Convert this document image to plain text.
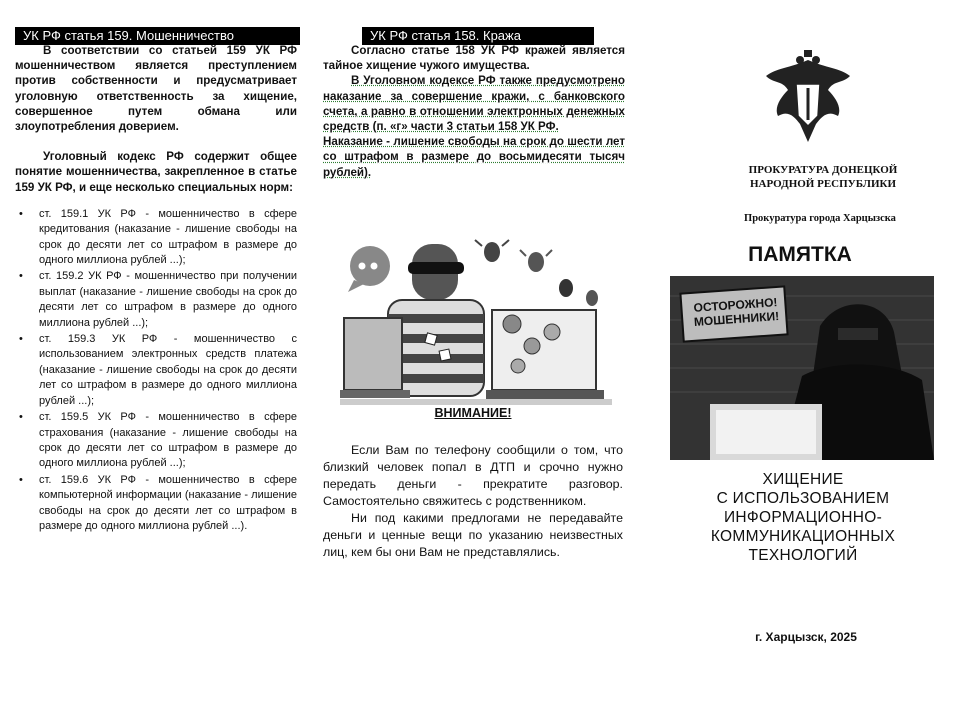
УК РФ статья 159. Мошенничество	УК РФ статья 158. Кража

В соответствии со статьей 159 УК РФ мошенничеством является преступлением против собственности и предусматривает уголовную ответственность за хищение, совершенное путем обмана или злоупотребления доверием.

Уголовный кодекс РФ содержит общее понятие мошенничества, закрепленное в статье 159 УК РФ, и еще несколько специальных норм:

• ст. 159.1 УК РФ - мошенничество в сфере кредитования (наказание - лишение свободы на срок до десяти лет со штрафом в размере до одного миллиона рублей ...);
• ст. 159.2 УК РФ - мошенничество при получении выплат (наказание - лишение свободы на срок до десяти лет со штрафом в размере до одного миллиона рублей ...);
• ст. 159.3 УК РФ - мошенничество с использованием электронных средств платежа (наказание - лишение свободы на срок до десяти лет со штрафом в размере до одного миллиона рублей ...);
• ст. 159.5 УК РФ - мошенничество в сфере страхования (наказание - лишение свободы на срок до десяти лет со штрафом в размере до одного миллиона рублей ...);
• ст. 159.6 УК РФ - мошенничество в сфере компьютерной информации (наказание - лишение свободы на срок до десяти лет со штрафом в размере до одного миллиона рублей ...).

Согласно статье 158 УК РФ кражей является тайное хищение чужого имущества.

В Уголовном кодексе РФ также предусмотрено наказание за совершение кражи, с банковского счета, а равно в отношении электронных денежных средств (п. «г» части 3 статьи 158 УК РФ.

Наказание - лишение свободы на срок до шести лет со штрафом в размере до восьмидесяти тысяч рублей).

ВНИМАНИЕ!

Если Вам по телефону сообщили о том, что близкий человек попал в ДТП и срочно нужно передать деньги - прекратите разговор. Самостоятельно свяжитесь с родственником.

Ни под какими предлогами не передавайте деньги и ценные вещи по указанию неизвестных лиц, кем бы они Вам не представлялись.

ПРОКУРАТУРА ДОНЕЦКОЙ
НАРОДНОЙ РЕСПУБЛИКИ
Прокуратура города Харцызска
ПАМЯТКА
ОСТОРОЖНО!
МОШЕННИКИ!
ХИЩЕНИЕ
С ИСПОЛЬЗОВАНИЕМ
ИНФОРМАЦИОННО-
КОММУНИКАЦИОННЫХ
ТЕХНОЛОГИЙ
г. Харцызск, 2025
